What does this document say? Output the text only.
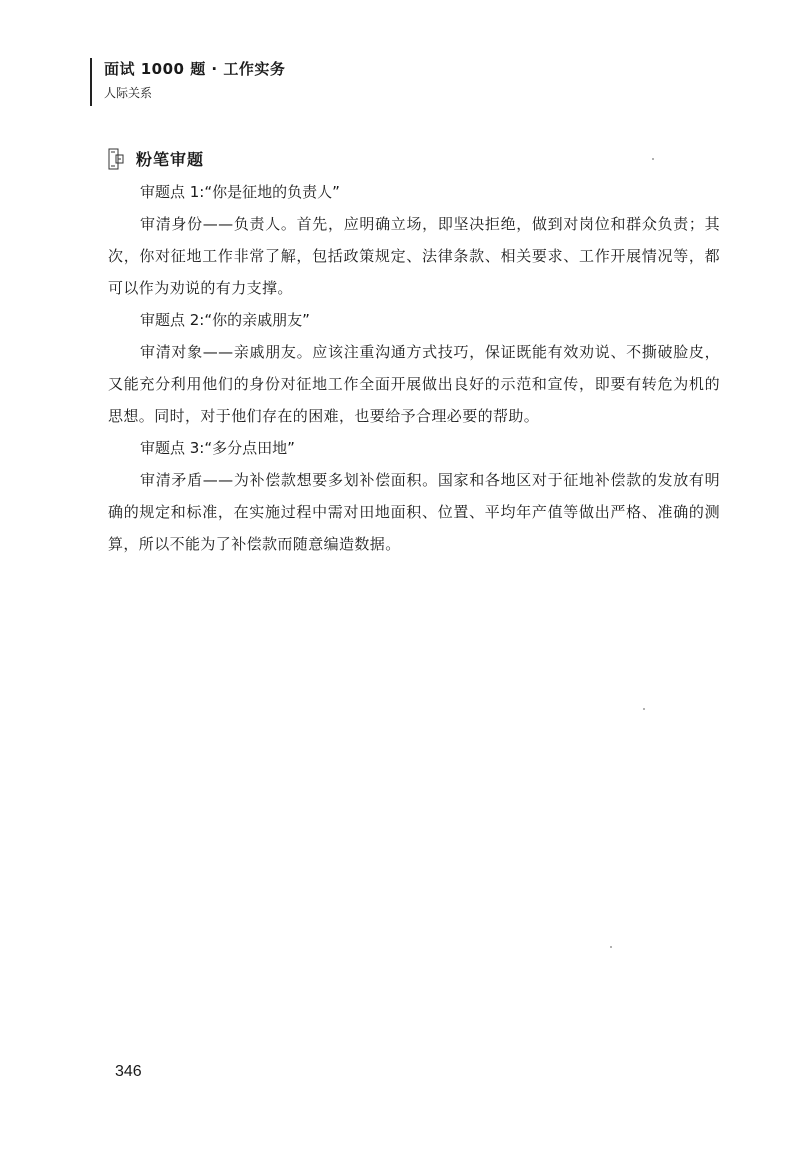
面试 1000 题 · 工作实务
人际关系
粉笔审题

审题点 1:“你是征地的负责人”

审清身份——负责人。首先，应明确立场，即坚决拒绝，做到对岗位和群众负责；其次，你对征地工作非常了解，包括政策规定、法律条款、相关要求、工作开展情况等，都可以作为劝说的有力支撑。

审题点 2:“你的亲戚朋友”

审清对象——亲戚朋友。应该注重沟通方式技巧，保证既能有效劝说、不撕破脸皮，又能充分利用他们的身份对征地工作全面开展做出良好的示范和宣传，即要有转危为机的思想。同时，对于他们存在的困难，也要给予合理必要的帮助。

审题点 3:“多分点田地”

审清矛盾——为补偿款想要多划补偿面积。国家和各地区对于征地补偿款的发放有明确的规定和标准，在实施过程中需对田地面积、位置、平均年产值等做出严格、准确的测算，所以不能为了补偿款而随意编造数据。

346
